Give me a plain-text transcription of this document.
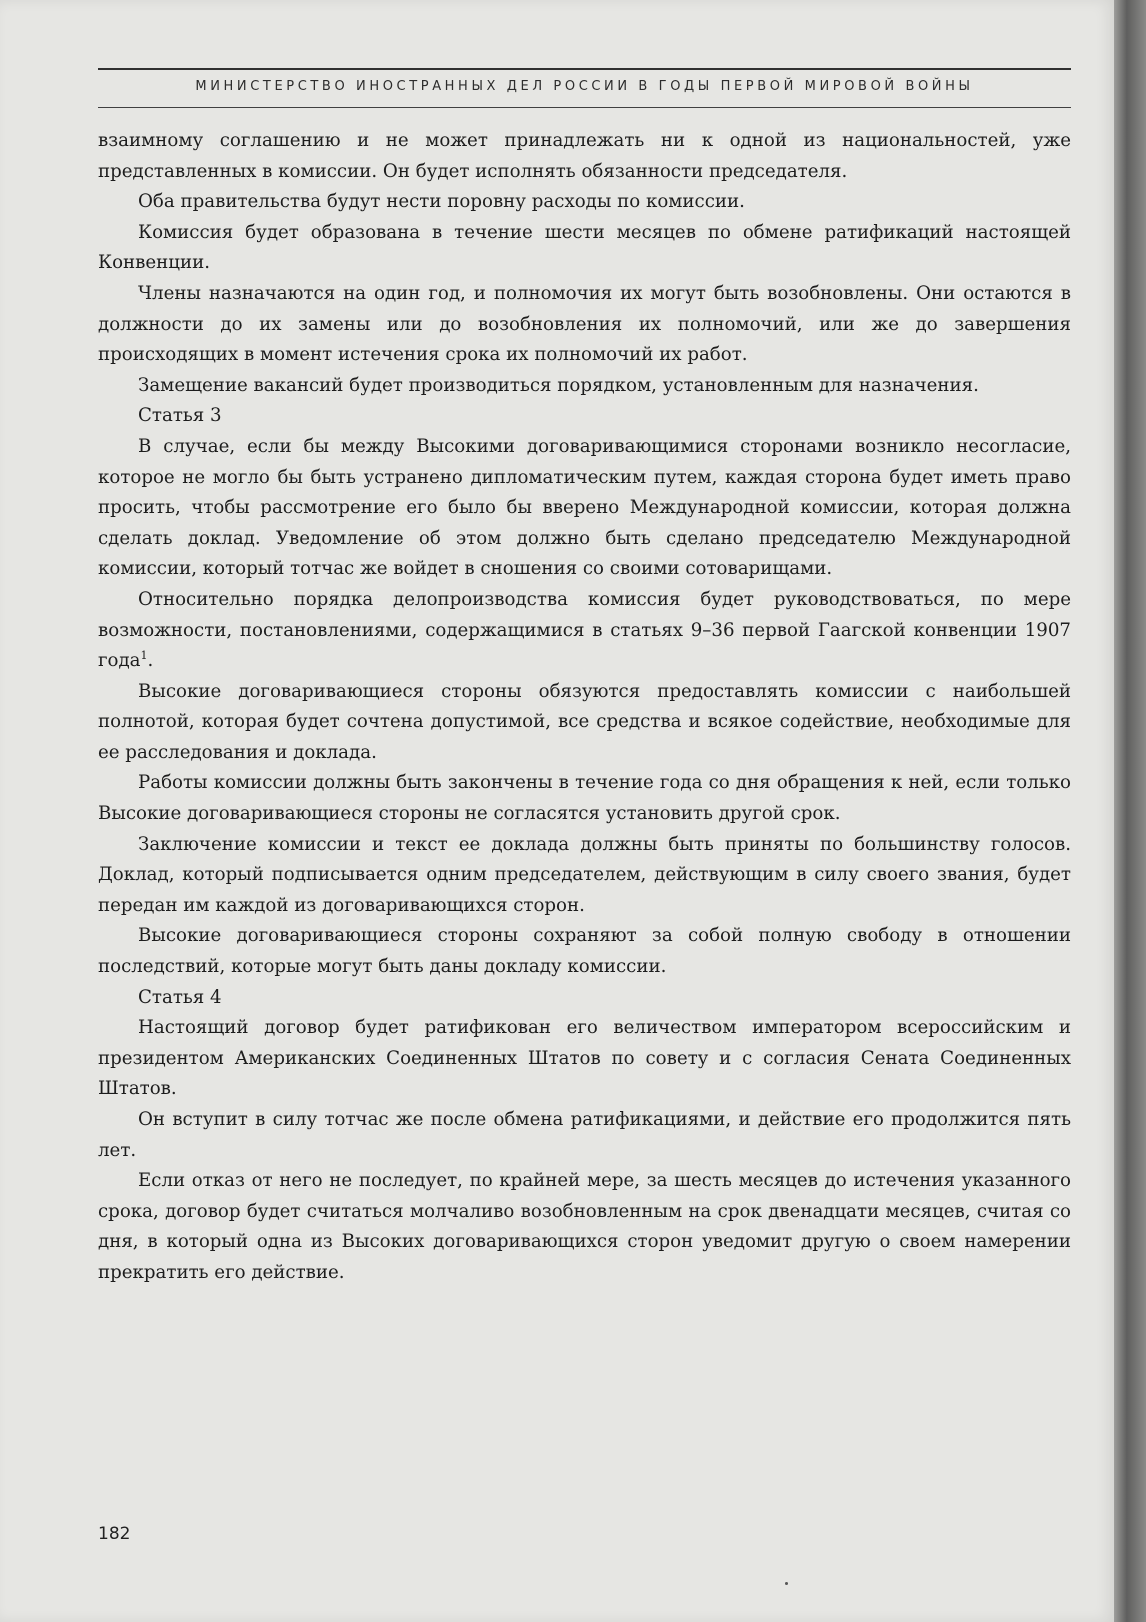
МИНИСТЕРСТВО ИНОСТРАННЫХ ДЕЛ РОССИИ В ГОДЫ ПЕРВОЙ МИРОВОЙ ВОЙНЫ

взаимному соглашению и не может принадлежать ни к одной из национальностей, уже представленных в комиссии. Он будет исполнять обязанности председателя.

Оба правительства будут нести поровну расходы по комиссии.

Комиссия будет образована в течение шести месяцев по обмене ратификаций настоящей Конвенции.

Члены назначаются на один год, и полномочия их могут быть возобновлены. Они остаются в должности до их замены или до возобновления их полномочий, или же до завершения происходящих в момент истечения срока их полномочий их работ.

Замещение вакансий будет производиться порядком, установленным для назначения.

Статья 3

В случае, если бы между Высокими договаривающимися сторонами возникло несогласие, которое не могло бы быть устранено дипломатическим путем, каждая сторона будет иметь право просить, чтобы рассмотрение его было бы вверено Международной комиссии, которая должна сделать доклад. Уведомление об этом должно быть сделано председателю Международной комиссии, который тотчас же войдет в сношения со своими сотоварищами.

Относительно порядка делопроизводства комиссия будет руководствоваться, по мере возможности, постановлениями, содержащимися в статьях 9–36 первой Гаагской конвенции 1907 года$^1$.

Высокие договаривающиеся стороны обязуются предоставлять комиссии с наибольшей полнотой, которая будет сочтена допустимой, все средства и всякое содействие, необходимые для ее расследования и доклада.

Работы комиссии должны быть закончены в течение года со дня обращения к ней, если только Высокие договаривающиеся стороны не согласятся установить другой срок.

Заключение комиссии и текст ее доклада должны быть приняты по большинству голосов. Доклад, который подписывается одним председателем, действующим в силу своего звания, будет передан им каждой из договаривающихся сторон.

Высокие договаривающиеся стороны сохраняют за собой полную свободу в отношении последствий, которые могут быть даны докладу комиссии.

Статья 4

Настоящий договор будет ратификован его величеством императором всероссийским и президентом Американских Соединенных Штатов по совету и с согласия Сената Соединенных Штатов.

Он вступит в силу тотчас же после обмена ратификациями, и действие его продолжится пять лет.

Если отказ от него не последует, по крайней мере, за шесть месяцев до истечения указанного срока, договор будет считаться молчаливо возобновленным на срок двенадцати месяцев, считая со дня, в который одна из Высоких договаривающихся сторон уведомит другую о своем намерении прекратить его действие.

182
